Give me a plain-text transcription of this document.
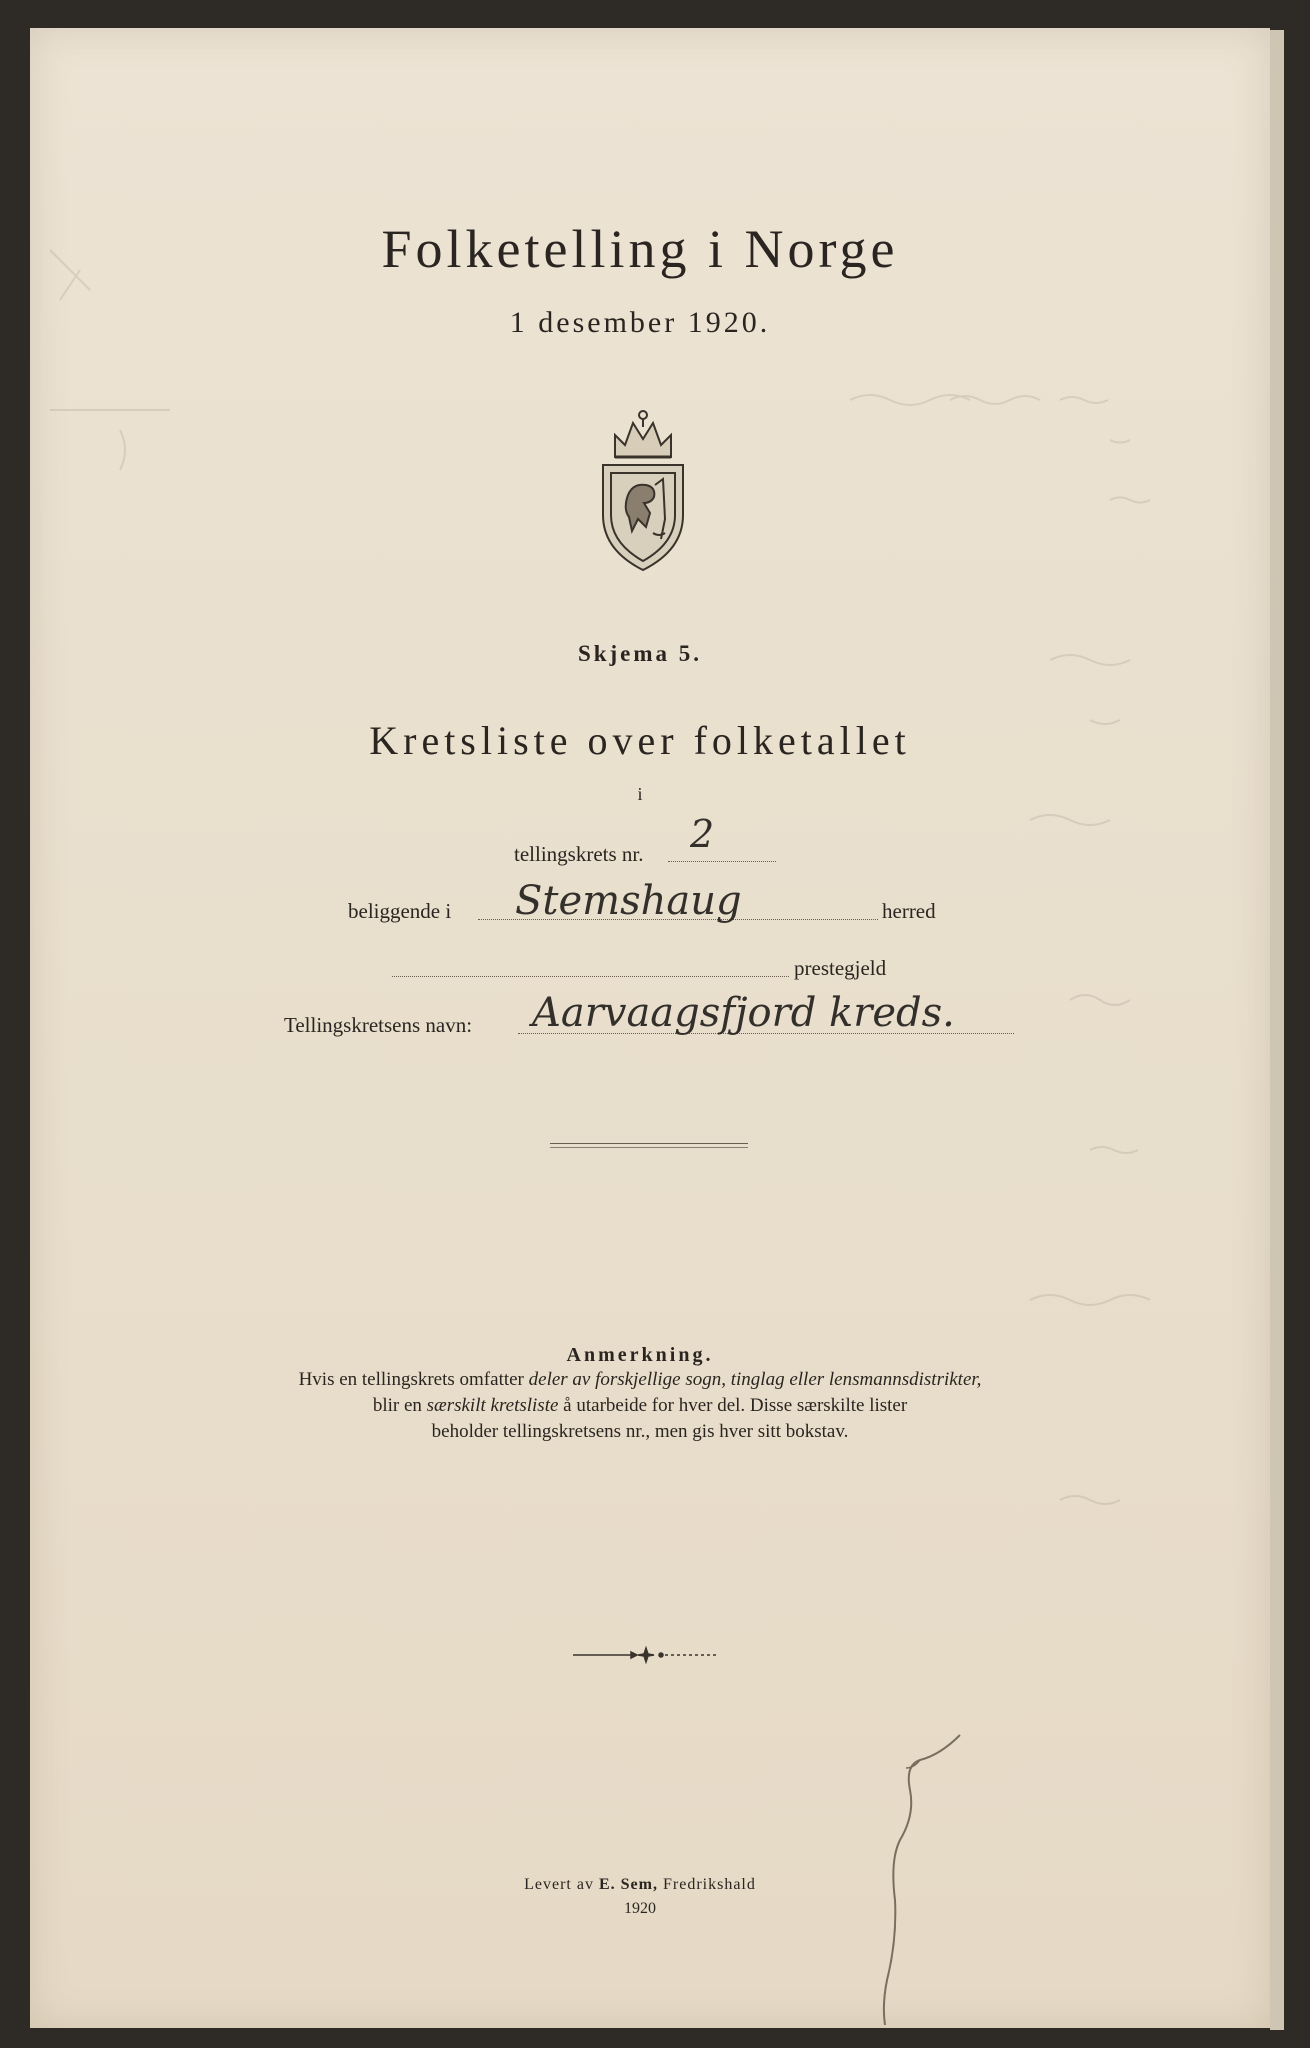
Folketelling i Norge
1 desember 1920.
Skjema 5.
Kretsliste over folketallet
i
tellingskrets nr. 2
beliggende i Stemshaug	herred
prestegjeld
Tellingskretsens navn: Aarvaagsfjord kreds.
Anmerkning.
Hvis en tellingskrets omfatter deler av forskjellige sogn, tinglag eller lensmannsdistrikter,
blir en særskilt kretsliste å utarbeide for hver del. Disse særskilte lister
beholder tellingskretsens nr., men gis hver sitt bokstav.
Levert av E. Sem, Fredrikshald
1920
